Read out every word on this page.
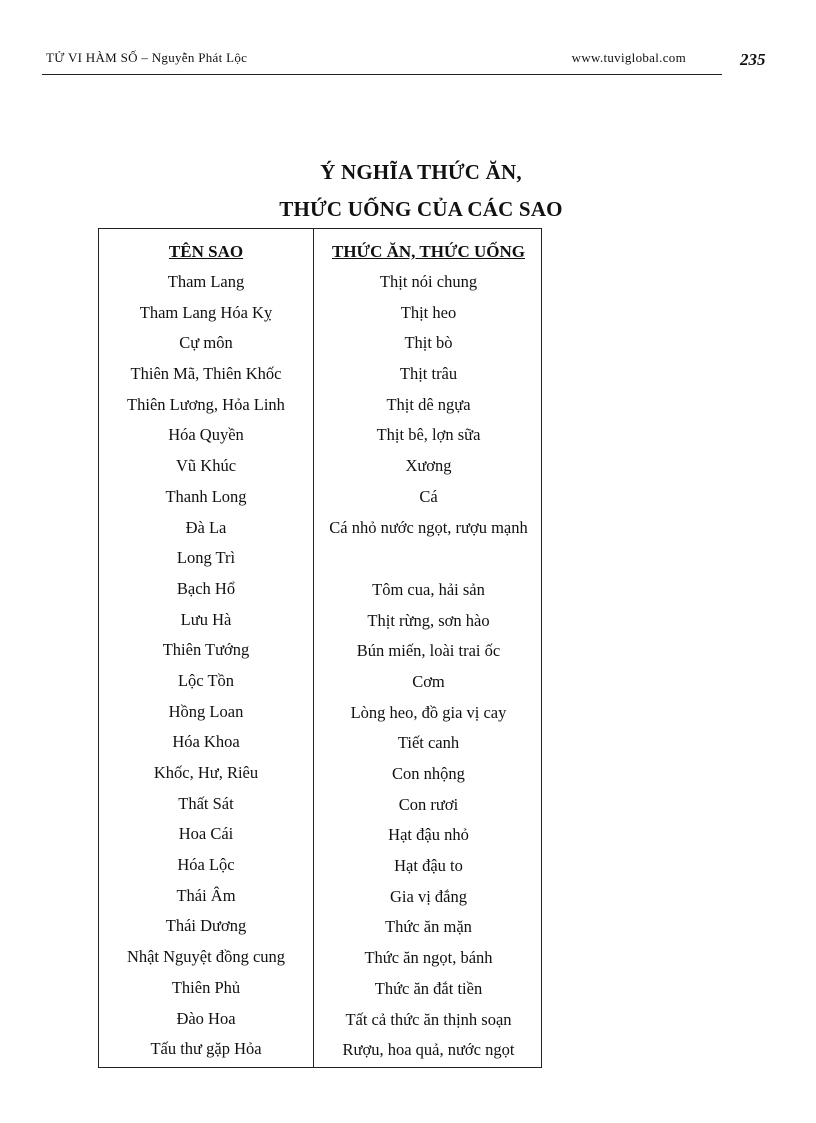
TỬ VI HÀM SỐ – Nguyễn Phát Lộc	www.tuviglobal.com	235
Ý NGHĨA THỨC ĂN,
THỨC UỐNG CỦA CÁC SAO
TÊN SAO
Tham Lang
Tham Lang Hóa Kỵ
Cự môn
Thiên Mã, Thiên Khốc
Thiên Lương, Hỏa Linh
Hóa Quyền
Vũ Khúc
Thanh Long
Đà La
Long Trì
Bạch Hổ
Lưu Hà
Thiên Tướng
Lộc Tồn
Hồng Loan
Hóa Khoa
Khốc, Hư, Riêu
Thất Sát
Hoa Cái
Hóa Lộc
Thái Âm
Thái Dương
Nhật Nguyệt đồng cung
Thiên Phủ
Đào Hoa
Tấu thư gặp Hỏa
THỨC ĂN, THỨC UỐNG
Thịt nói chung
Thịt heo
Thịt bò
Thịt trâu
Thịt dê ngựa
Thịt bê, lợn sữa
Xương
Cá
Cá nhỏ nước ngọt, rượu mạnh
Tôm cua, hải sản
Thịt rừng, sơn hào
Bún miến, loài trai ốc
Cơm
Lòng heo, đồ gia vị cay
Tiết canh
Con nhộng
Con rươi
Hạt đậu nhỏ
Hạt đậu to
Gia vị đắng
Thức ăn mặn
Thức ăn ngọt, bánh
Thức ăn đắt tiền
Tất cả thức ăn thịnh soạn
Rượu, hoa quả, nước ngọt
